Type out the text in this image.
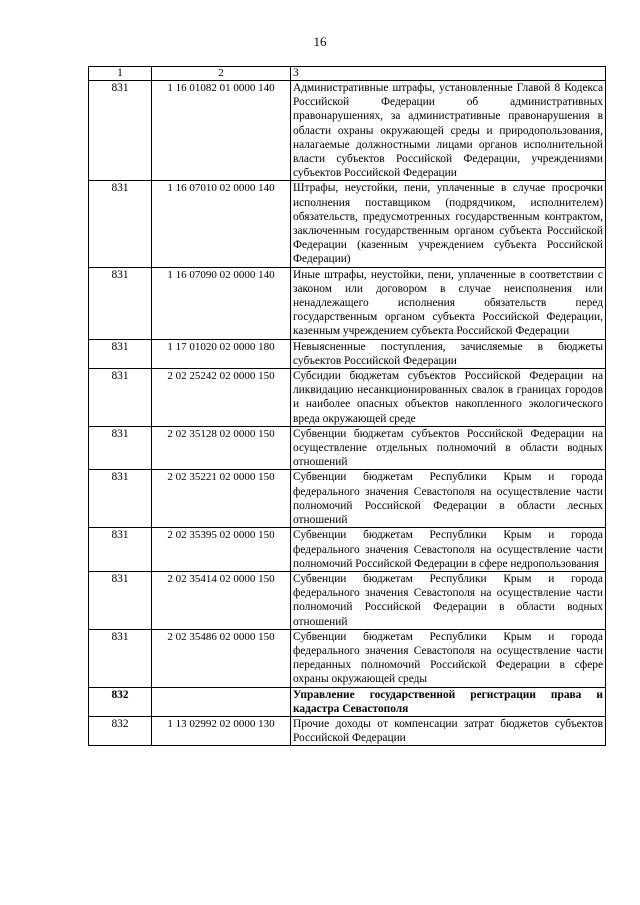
16
1	2	3
831	1 16 01082 01 0000 140	Административные штрафы, установленные Главой 8 Кодекса Российской Федерации об административных правонарушениях, за административные правонарушения в области охраны окружающей среды и природопользования, налагаемые должностными лицами органов исполнительной власти субъектов Российской Федерации, учреждениями субъектов Российской Федерации
831	1 16 07010 02 0000 140	Штрафы, неустойки, пени, уплаченные в случае просрочки исполнения поставщиком (подрядчиком, исполнителем) обязательств, предусмотренных государственным контрактом, заключенным государственным органом субъекта Российской Федерации (казенным учреждением субъекта Российской Федерации)
831	1 16 07090 02 0000 140	Иные штрафы, неустойки, пени, уплаченные в соответствии с законом или договором в случае неисполнения или ненадлежащего исполнения обязательств перед государственным органом субъекта Российской Федерации, казенным учреждением субъекта Российской Федерации
831	1 17 01020 02 0000 180	Невыясненные поступления, зачисляемые в бюджеты субъектов Российской Федерации
831	2 02 25242 02 0000 150	Субсидии бюджетам субъектов Российской Федерации на ликвидацию несанкционированных свалок в границах городов и наиболее опасных объектов накопленного экологического вреда окружающей среде
831	2 02 35128 02 0000 150	Субвенции бюджетам субъектов Российской Федерации на осуществление отдельных полномочий в области водных отношений
831	2 02 35221 02 0000 150	Субвенции бюджетам Республики Крым и города федерального значения Севастополя на осуществление части полномочий Российской Федерации в области лесных отношений
831	2 02 35395 02 0000 150	Субвенции бюджетам Республики Крым и города федерального значения Севастополя на осуществление части полномочий Российской Федерации в сфере недропользования
831	2 02 35414 02 0000 150	Субвенции бюджетам Республики Крым и города федерального значения Севастополя на осуществление части полномочий Российской Федерации в области водных отношений
831	2 02 35486 02 0000 150	Субвенции бюджетам Республики Крым и города федерального значения Севастополя на осуществление части переданных полномочий Российской Федерации в сфере охраны окружающей среды
832		Управление государственной регистрации права и кадастра Севастополя
832	1 13 02992 02 0000 130	Прочие доходы от компенсации затрат бюджетов субъектов Российской Федерации
